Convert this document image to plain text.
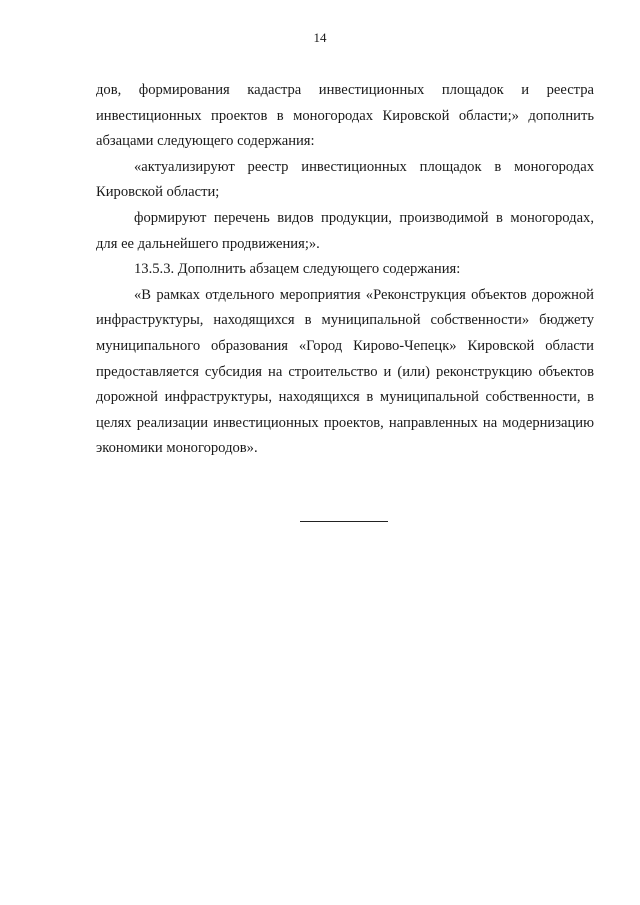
14

дов, формирования кадастра инвестиционных площадок и реестра инвестиционных проектов в моногородах Кировской области;» дополнить абзацами следующего содержания:

«актуализируют реестр инвестиционных площадок в моногородах Кировской области;

формируют перечень видов продукции, производимой в моногородах, для ее дальнейшего продвижения;».

13.5.3. Дополнить абзацем следующего содержания:

«В рамках отдельного мероприятия «Реконструкция объектов дорожной инфраструктуры, находящихся в муниципальной собственности» бюджету муниципального образования «Город Кирово-Чепецк» Кировской области предоставляется субсидия на строительство и (или) реконструкцию объектов дорожной инфраструктуры, находящихся в муниципальной собственности, в целях реализации инвестиционных проектов, направленных на модернизацию экономики моногородов».
